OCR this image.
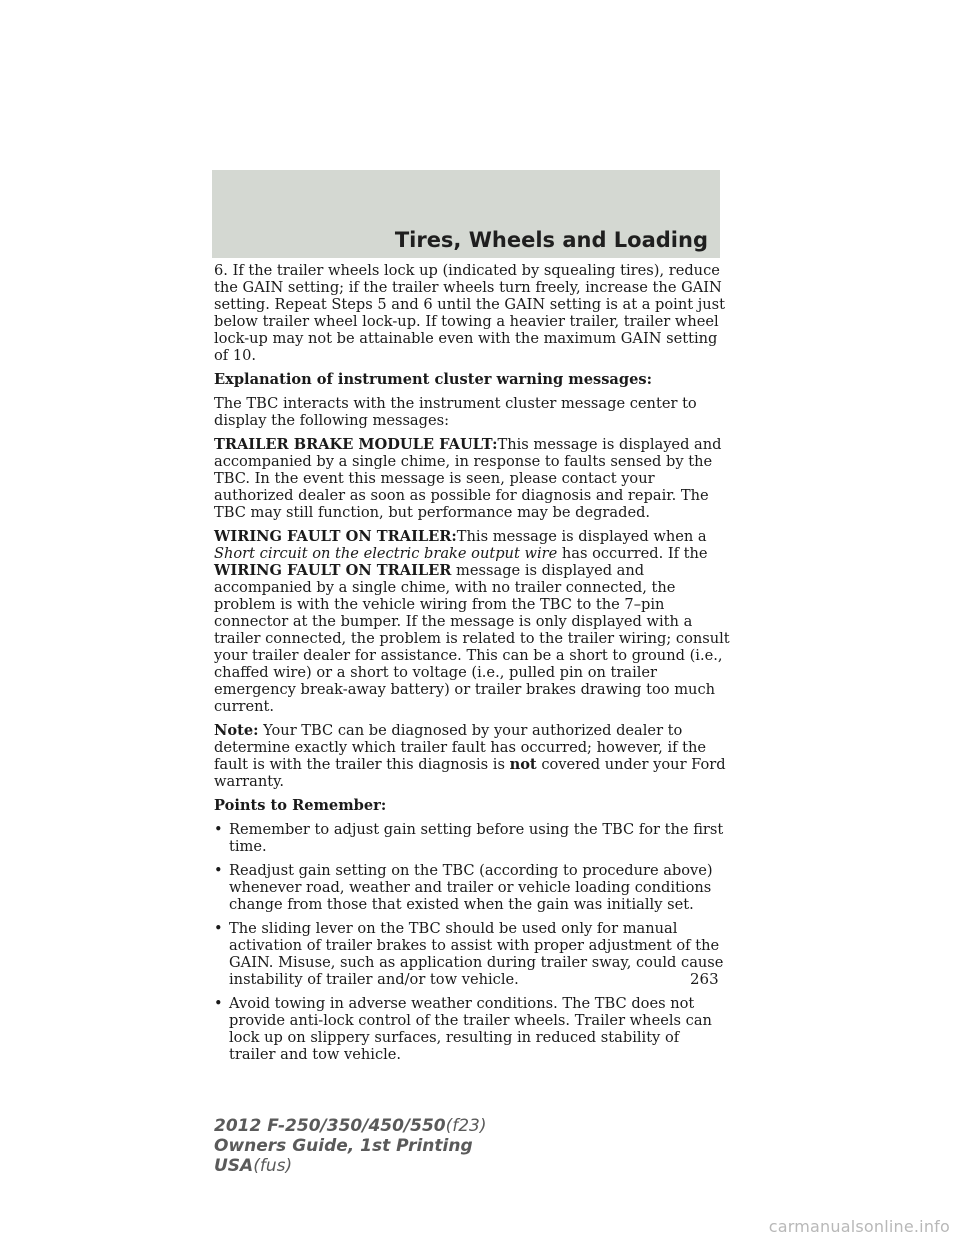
Tires, Wheels and Loading

6. If the trailer wheels lock up (indicated by squealing tires), reduce the GAIN setting; if the trailer wheels turn freely, increase the GAIN setting. Repeat Steps 5 and 6 until the GAIN setting is at a point just below trailer wheel lock-up. If towing a heavier trailer, trailer wheel lock-up may not be attainable even with the maximum GAIN setting of 10.

Explanation of instrument cluster warning messages:

The TBC interacts with the instrument cluster message center to display the following messages:

TRAILER BRAKE MODULE FAULT:This message is displayed and accompanied by a single chime, in response to faults sensed by the TBC. In the event this message is seen, please contact your authorized dealer as soon as possible for diagnosis and repair. The TBC may still function, but performance may be degraded.

WIRING FAULT ON TRAILER:This message is displayed when a Short circuit on the electric brake output wire has occurred. If the WIRING FAULT ON TRAILER message is displayed and accompanied by a single chime, with no trailer connected, the problem is with the vehicle wiring from the TBC to the 7–pin connector at the bumper. If the message is only displayed with a trailer connected, the problem is related to the trailer wiring; consult your trailer dealer for assistance. This can be a short to ground (i.e., chaffed wire) or a short to voltage (i.e., pulled pin on trailer emergency break-away battery) or trailer brakes drawing too much current.

Note: Your TBC can be diagnosed by your authorized dealer to determine exactly which trailer fault has occurred; however, if the fault is with the trailer this diagnosis is not covered under your Ford warranty.

Points to Remember:

• Remember to adjust gain setting before using the TBC for the first time.
• Readjust gain setting on the TBC (according to procedure above) whenever road, weather and trailer or vehicle loading conditions change from those that existed when the gain was initially set.
• The sliding lever on the TBC should be used only for manual activation of trailer brakes to assist with proper adjustment of the GAIN. Misuse, such as application during trailer sway, could cause instability of trailer and/or tow vehicle.
• Avoid towing in adverse weather conditions. The TBC does not provide anti-lock control of the trailer wheels. Trailer wheels can lock up on slippery surfaces, resulting in reduced stability of trailer and tow vehicle.
263
2012 F-250/350/450/550(f23)
Owners Guide, 1st Printing
USA(fus)
carmanualsonline.info
